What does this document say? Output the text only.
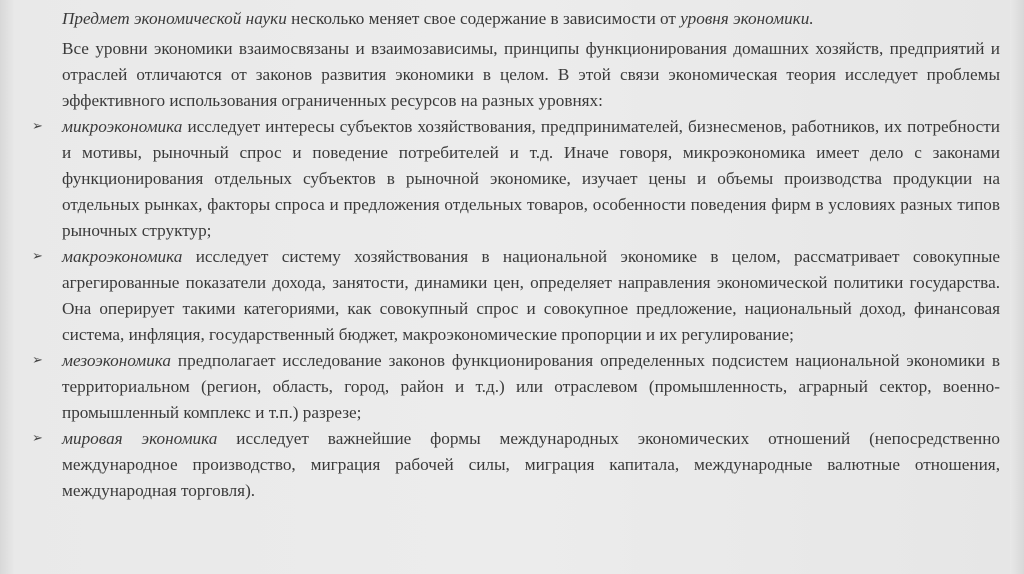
Предмет экономической науки несколько меняет свое содержание в зависимости от уровня экономики.

Все уровни экономики взаимосвязаны и взаимозависимы, принципы функционирования домашних хозяйств, предприятий и отраслей отличаются от законов развития экономики в целом. В этой связи экономическая теория исследует проблемы эффективного использования ограниченных ресурсов на разных уровнях:

➢ микроэкономика исследует интересы субъектов хозяйствования, предпринимателей, бизнесменов, работников, их потребности и мотивы, рыночный спрос и поведение потребителей и т.д. Иначе говоря, микроэкономика имеет дело с законами функционирования отдельных субъектов в рыночной экономике, изучает цены и объемы производства продукции на отдельных рынках, факторы спроса и предложения отдельных товаров, особенности поведения фирм в условиях разных типов рыночных структур;
➢ макроэкономика исследует систему хозяйствования в национальной экономике в целом, рассматривает совокупные агрегированные показатели дохода, занятости, динамики цен, определяет направления экономической политики государства. Она оперирует такими категориями, как совокупный спрос и совокупное предложение, национальный доход, финансовая система, инфляция, государственный бюджет, макроэкономические пропорции и их регулирование;
➢ мезоэкономика предполагает исследование законов функционирования определенных подсистем национальной экономики в территориальном (регион, область, город, район и т.д.) или отраслевом (промышленность, аграрный сектор, военно-промышленный комплекс и т.п.) разрезе;
➢ мировая экономика исследует важнейшие формы международных экономических отношений (непосредственно международное производство, миграция рабочей силы, миграция капитала, международные валютные отношения, международная торговля).
